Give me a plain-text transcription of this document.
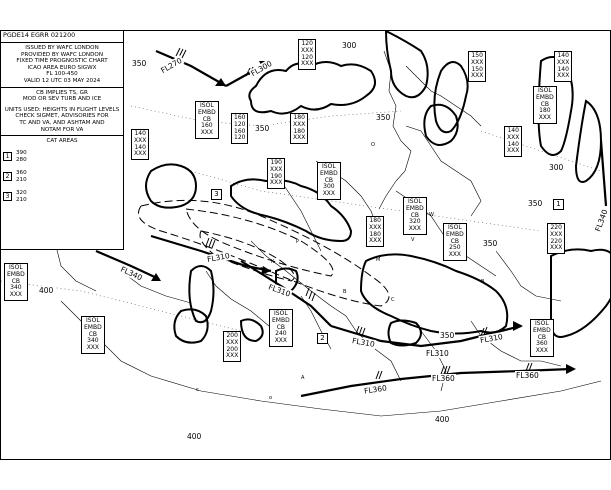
O
W
V
M
P
B
A
o
c
B
K
C
PGDE14 EGRR 021200
ISSUED BY WAFC LONDON
PROVIDED BY WAFC LONDON
FIXED TIME PROGNOSTIC CHART
ICAO AREA EURO SIGWX
FL 100-450
VALID 12 UTC 03 MAY 2024
CB IMPLIES TS, GR
MOD OR SEV TURB AND ICE
UNITS USED: HEIGHTS IN FLIGHT LEVELS
CHECK SIGMET, ADVISORIES FOR
TC AND VA, AND ASHTAM AND
NOTAM FOR VA
CAT AREAS
1
390
280
2
360
210
3
320
210
300
350
350
350
350
300
350
350
400
400
400
FL270	FL300
FL340
FL310
FL310
FL310
FL310
FL360
FL360
FL310
FL360
FL340
1
2
3
ISOL
EMBD
CB
160
XXX
160
120
160
120
120
XXX
120
XXX
180
XXX
180
XXX
150
XXX
150
XXX
140
XXX
140
XXX
ISOL
EMBD
CB
180
XXX
140
XXX
140
XXX
140
XXX
140
XXX
190
XXX
190
XXX
ISOL
EMBD
CB
300
XXX
180
XXX
180
XXX
ISOL
EMBD
CB
320
XXX	ISOL
EMBD
CB
250
XXX
220
XXX
220
XXX
ISOL
EMBD
CB
340
XXX
ISOL
EMBD
CB
340
XXX
200
XXX
200
XXX
ISOL
EMBD
CB
240
XXX
ISOL
EMBD
CB
360
XXX
